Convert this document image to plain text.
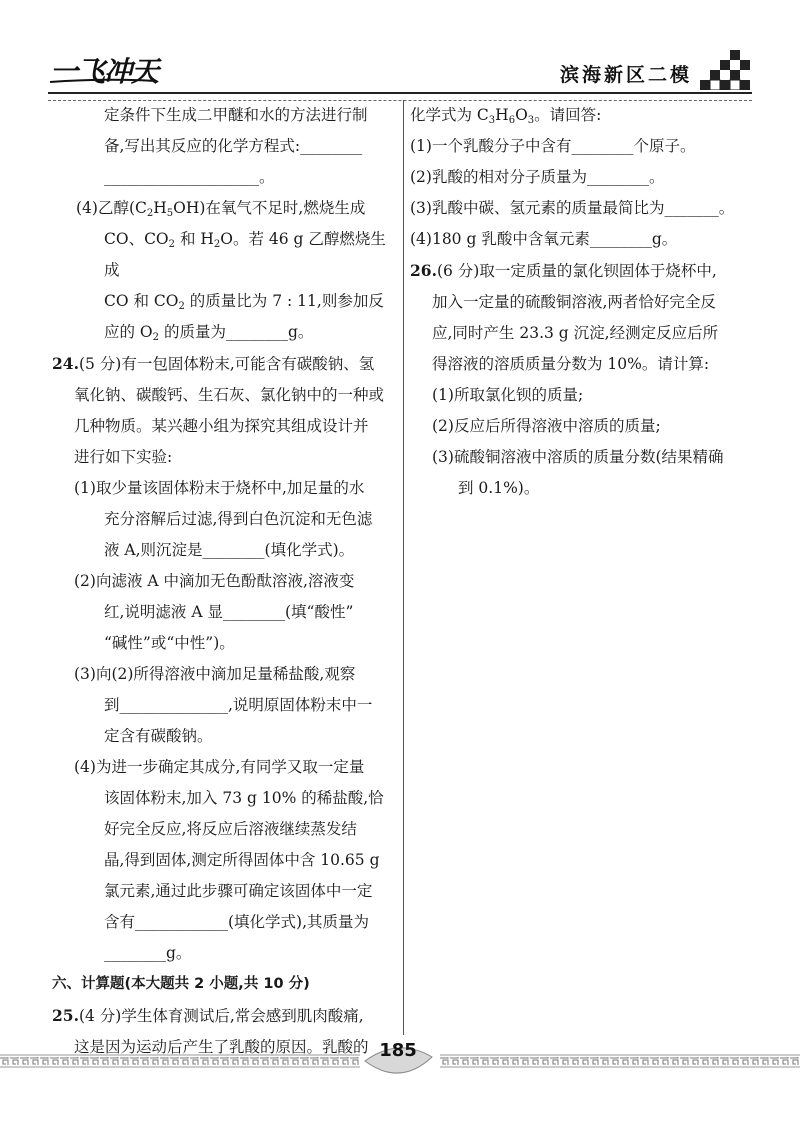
一飞冲天	滨海新区二模

定条件下生成二甲醚和水的方法进行制

备,写出其反应的化学方程式:________

____________________。

(4)乙醇$(C_2H_5OH)$在氧气不足时,燃烧生成

CO、$CO_2$ 和 $H_2O$。若 46 g 乙醇燃烧生成

CO 和 $CO_2$ 的质量比为 7 : 11,则参加反

应的 $O_2$ 的质量为________g。

24.(5 分)有一包固体粉末,可能含有碳酸钠、氢

氧化钠、碳酸钙、生石灰、氯化钠中的一种或

几种物质。某兴趣小组为探究其组成设计并

进行如下实验:

(1)取少量该固体粉末于烧杯中,加足量的水

充分溶解后过滤,得到白色沉淀和无色滤

液 A,则沉淀是________(填化学式)。

(2)向滤液 A 中滴加无色酚酞溶液,溶液变

红,说明滤液 A 显________(填“酸性”

“碱性”或“中性”)。

(3)向(2)所得溶液中滴加足量稀盐酸,观察

到______________,说明原固体粉末中一

定含有碳酸钠。

(4)为进一步确定其成分,有同学又取一定量

该固体粉末,加入 73 g 10% 的稀盐酸,恰

好完全反应,将反应后溶液继续蒸发结

晶,得到固体,测定所得固体中含 10.65 g

氯元素,通过此步骤可确定该固体中一定

含有____________(填化学式),其质量为

________g。

六、计算题(本大题共 2 小题,共 10 分)

25.(4 分)学生体育测试后,常会感到肌肉酸痛,

这是因为运动后产生了乳酸的原因。乳酸的

化学式为 $C_3H_6O_3$。请回答:

(1)一个乳酸分子中含有________个原子。

(2)乳酸的相对分子质量为________。

(3)乳酸中碳、氢元素的质量最简比为_______。

(4)180 g 乳酸中含氧元素________g。

26.(6 分)取一定质量的氯化钡固体于烧杯中,

加入一定量的硫酸铜溶液,两者恰好完全反

应,同时产生 23.3 g 沉淀,经测定反应后所

得溶液的溶质质量分数为 10%。请计算:

(1)所取氯化钡的质量;

(2)反应后所得溶液中溶质的质量;

(3)硫酸铜溶液中溶质的质量分数(结果精确

到 0.1%)。

185
